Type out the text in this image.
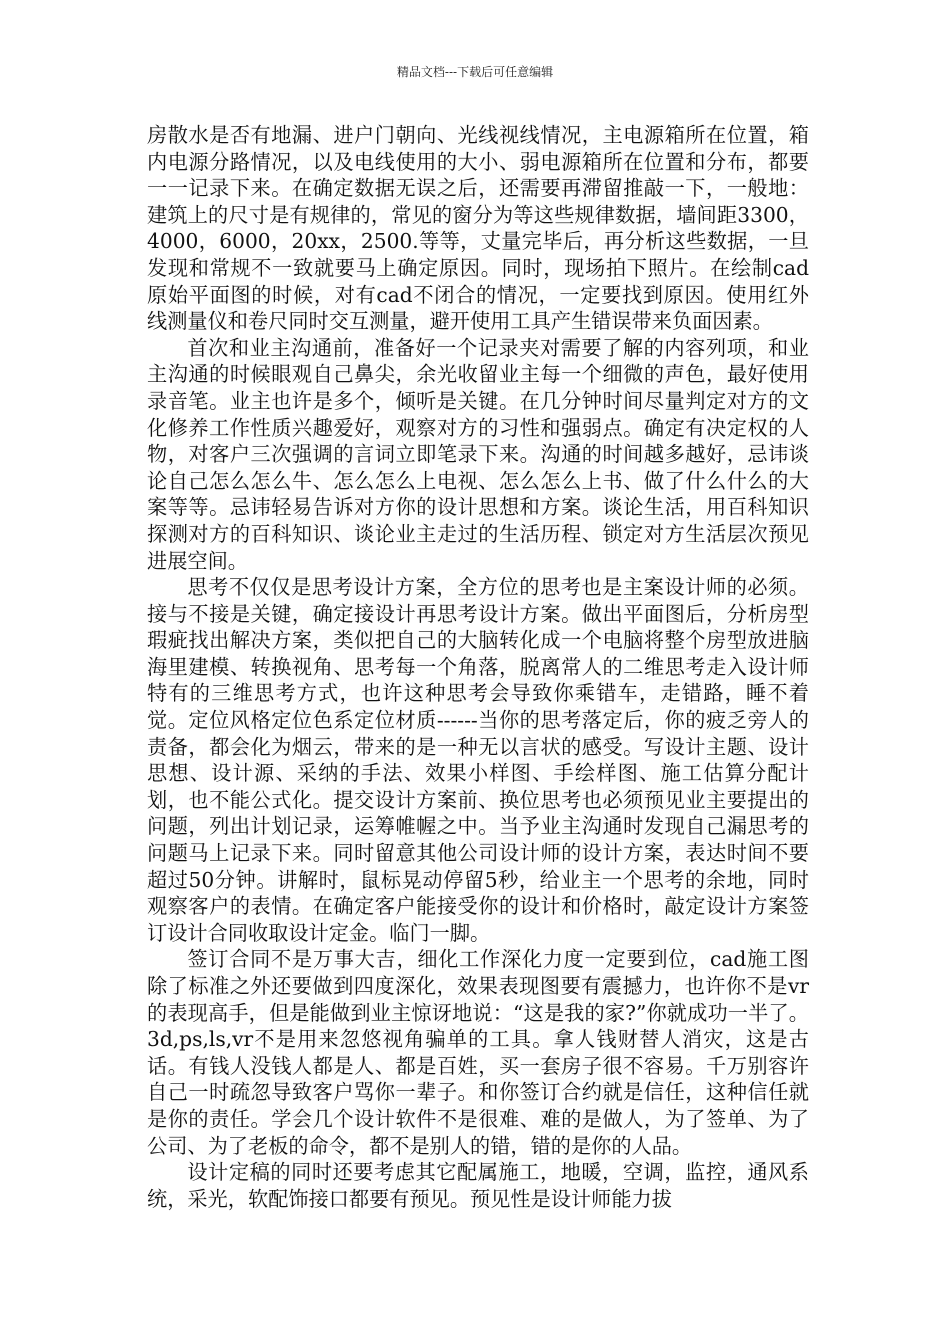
精品文档---下载后可任意编辑

房散水是否有地漏、进户门朝向、光线视线情况，主电源箱所在位置，箱内电源分路情况，以及电线使用的大小、弱电源箱所在位置和分布，都要一一记录下来。在确定数据无误之后，还需要再滞留推敲一下，一般地：建筑上的尺寸是有规律的，常见的窗分为等这些规律数据，墙间距3300，4000，6000，20xx，2500.等等，丈量完毕后，再分析这些数据，一旦发现和常规不一致就要马上确定原因。同时，现场拍下照片。在绘制cad原始平面图的时候，对有cad不闭合的情况，一定要找到原因。使用红外线测量仪和卷尺同时交互测量，避开使用工具产生错误带来负面因素。

首次和业主沟通前，准备好一个记录夹对需要了解的内容列项，和业主沟通的时候眼观自己鼻尖，余光收留业主每一个细微的声色，最好使用录音笔。业主也许是多个，倾听是关键。在几分钟时间尽量判定对方的文化修养工作性质兴趣爱好，观察对方的习性和强弱点。确定有决定权的人物，对客户三次强调的言词立即笔录下来。沟通的时间越多越好，忌讳谈论自己怎么怎么牛、怎么怎么上电视、怎么怎么上书、做了什么什么的大案等等。忌讳轻易告诉对方你的设计思想和方案。谈论生活，用百科知识探测对方的百科知识、谈论业主走过的生活历程、锁定对方生活层次预见进展空间。

思考不仅仅是思考设计方案，全方位的思考也是主案设计师的必须。接与不接是关键，确定接设计再思考设计方案。做出平面图后，分析房型瑕疵找出解决方案，类似把自己的大脑转化成一个电脑将整个房型放进脑海里建模、转换视角、思考每一个角落，脱离常人的二维思考走入设计师特有的三维思考方式，也许这种思考会导致你乘错车，走错路，睡不着觉。定位风格定位色系定位材质------当你的思考落定后，你的疲乏旁人的责备，都会化为烟云，带来的是一种无以言状的感受。写设计主题、设计思想、设计源、采纳的手法、效果小样图、手绘样图、施工估算分配计划，也不能公式化。提交设计方案前、换位思考也必须预见业主要提出的问题，列出计划记录，运筹帷幄之中。当予业主沟通时发现自己漏思考的问题马上记录下来。同时留意其他公司设计师的设计方案，表达时间不要超过50分钟。讲解时，鼠标晃动停留5秒，给业主一个思考的余地，同时观察客户的表情。在确定客户能接受你的设计和价格时，敲定设计方案签订设计合同收取设计定金。临门一脚。

签订合同不是万事大吉，细化工作深化力度一定要到位，cad施工图除了标准之外还要做到四度深化，效果表现图要有震撼力，也许你不是vr的表现高手，但是能做到业主惊讶地说：“这是我的家?”你就成功一半了。3d,ps,ls,vr不是用来忽悠视角骗单的工具。拿人钱财替人消灾，这是古话。有钱人没钱人都是人、都是百姓，买一套房子很不容易。千万别容许自己一时疏忽导致客户骂你一辈子。和你签订合约就是信任，这种信任就是你的责任。学会几个设计软件不是很难、难的是做人，为了签单、为了公司、为了老板的命令，都不是别人的错，错的是你的人品。

设计定稿的同时还要考虑其它配属施工，地暖，空调，监控，通风系统，采光，软配饰接口都要有预见。预见性是设计师能力拔
